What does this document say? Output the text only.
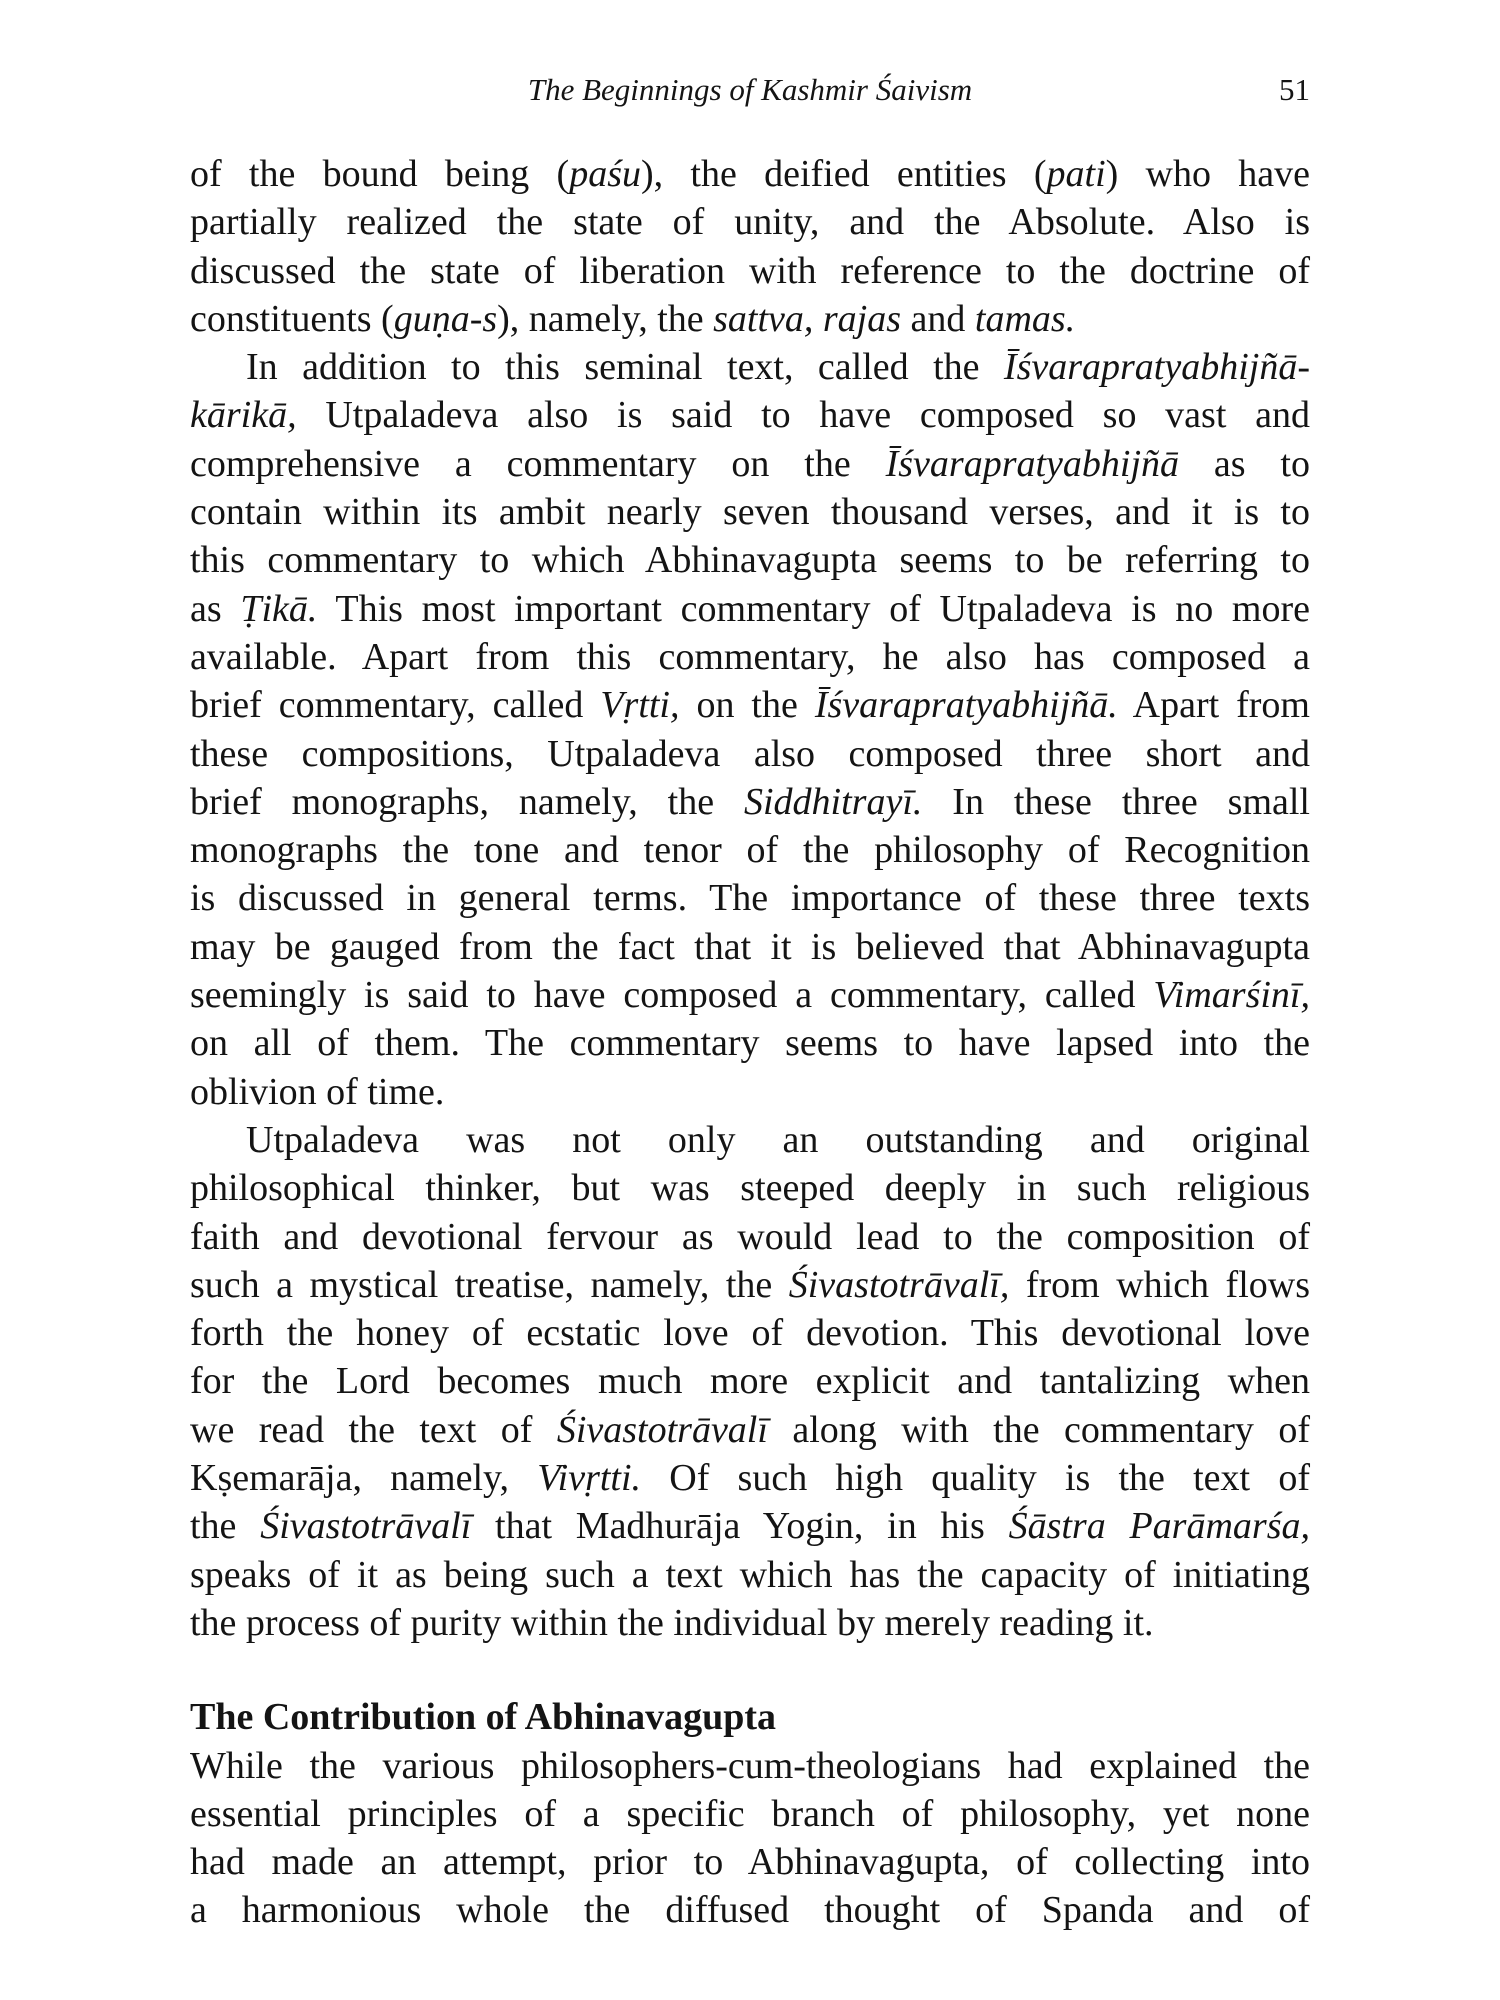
The Beginnings of Kashmir Śaivism	51
of the bound being (paśu), the deified entities (pati) who have
partially realized the state of unity, and the Absolute. Also is
discussed the state of liberation with reference to the doctrine of
constituents (guṇa-s), namely, the sattva, rajas and tamas.
In addition to this seminal text, called the Īśvarapratyabhijñā-
kārikā, Utpaladeva also is said to have composed so vast and
comprehensive a commentary on the Īśvarapratyabhijñā as to
contain within its ambit nearly seven thousand verses, and it is to
this commentary to which Abhinavagupta seems to be referring to
as Ṭikā. This most important commentary of Utpaladeva is no more
available. Apart from this commentary, he also has composed a
brief commentary, called Vṛtti, on the Īśvarapratyabhijñā. Apart from
these compositions, Utpaladeva also composed three short and
brief monographs, namely, the Siddhitrayī. In these three small
monographs the tone and tenor of the philosophy of Recognition
is discussed in general terms. The importance of these three texts
may be gauged from the fact that it is believed that Abhinavagupta
seemingly is said to have composed a commentary, called Vimarśinī,
on all of them. The commentary seems to have lapsed into the
oblivion of time.
Utpaladeva was not only an outstanding and original
philosophical thinker, but was steeped deeply in such religious
faith and devotional fervour as would lead to the composition of
such a mystical treatise, namely, the Śivastotrāvalī, from which flows
forth the honey of ecstatic love of devotion. This devotional love
for the Lord becomes much more explicit and tantalizing when
we read the text of Śivastotrāvalī along with the commentary of
Kṣemarāja, namely, Vivṛtti. Of such high quality is the text of
the Śivastotrāvalī that Madhurāja Yogin, in his Śāstra Parāmarśa,
speaks of it as being such a text which has the capacity of initiating
the process of purity within the individual by merely reading it.
The Contribution of Abhinavagupta
While the various philosophers-cum-theologians had explained the
essential principles of a specific branch of philosophy, yet none
had made an attempt, prior to Abhinavagupta, of collecting into
a harmonious whole the diffused thought of Spanda and of
